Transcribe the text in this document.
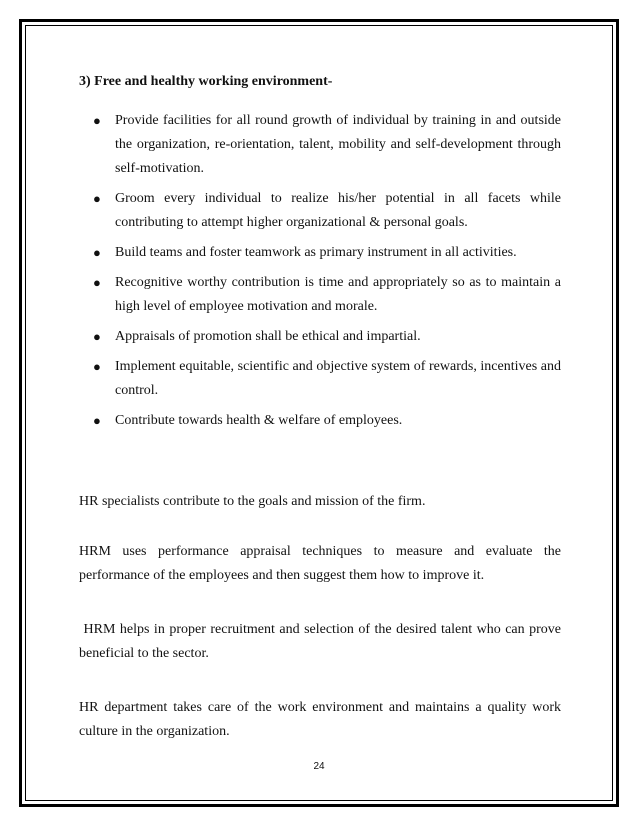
3) Free and healthy working environment-
● Provide facilities for all round growth of individual by training in and outside the organization, re-orientation, talent, mobility and self-development through self-motivation.
● Groom every individual to realize his/her potential in all facets while contributing to attempt higher organizational & personal goals.
● Build teams and foster teamwork as primary instrument in all activities.
● Recognitive worthy contribution is time and appropriately so as to maintain a high level of employee motivation and morale.
● Appraisals of promotion shall be ethical and impartial.
● Implement equitable, scientific and objective system of rewards, incentives and control.
● Contribute towards health & welfare of employees.

HR specialists contribute to the goals and mission of the firm.

HRM uses performance appraisal techniques to measure and evaluate the performance of the employees and then suggest them how to improve it.

HRM helps in proper recruitment and selection of the desired talent who can prove beneficial to the sector.

HR department takes care of the work environment and maintains a quality work culture in the organization.

24
